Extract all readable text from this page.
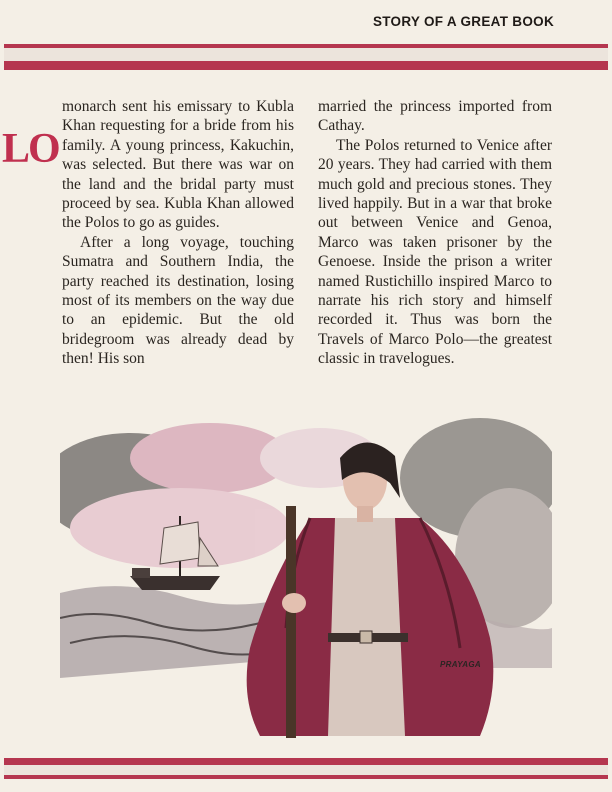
STORY OF A GREAT BOOK
LO

monarch sent his emissary to Kubla Khan requesting for a bride from his family. A young princess, Kakuchin, was selected. But there was war on the land and the bridal party must proceed by sea. Kubla Khan allowed the Polos to go as guides.

After a long voyage, touching Sumatra and Southern India, the party reached its destination, losing most of its members on the way due to an epidemic. But the old bridegroom was already dead by then! His son

married the princess imported from Cathay.

The Polos returned to Venice after 20 years. They had carried with them much gold and precious stones. They lived happily. But in a war that broke out between Venice and Genoa, Marco was taken prisoner by the Genoese. Inside the prison a writer named Rustichillo inspired Marco to narrate his rich story and himself recorded it. Thus was born the Travels of Marco Polo—the greatest classic in travelogues.

PRAYAGA
